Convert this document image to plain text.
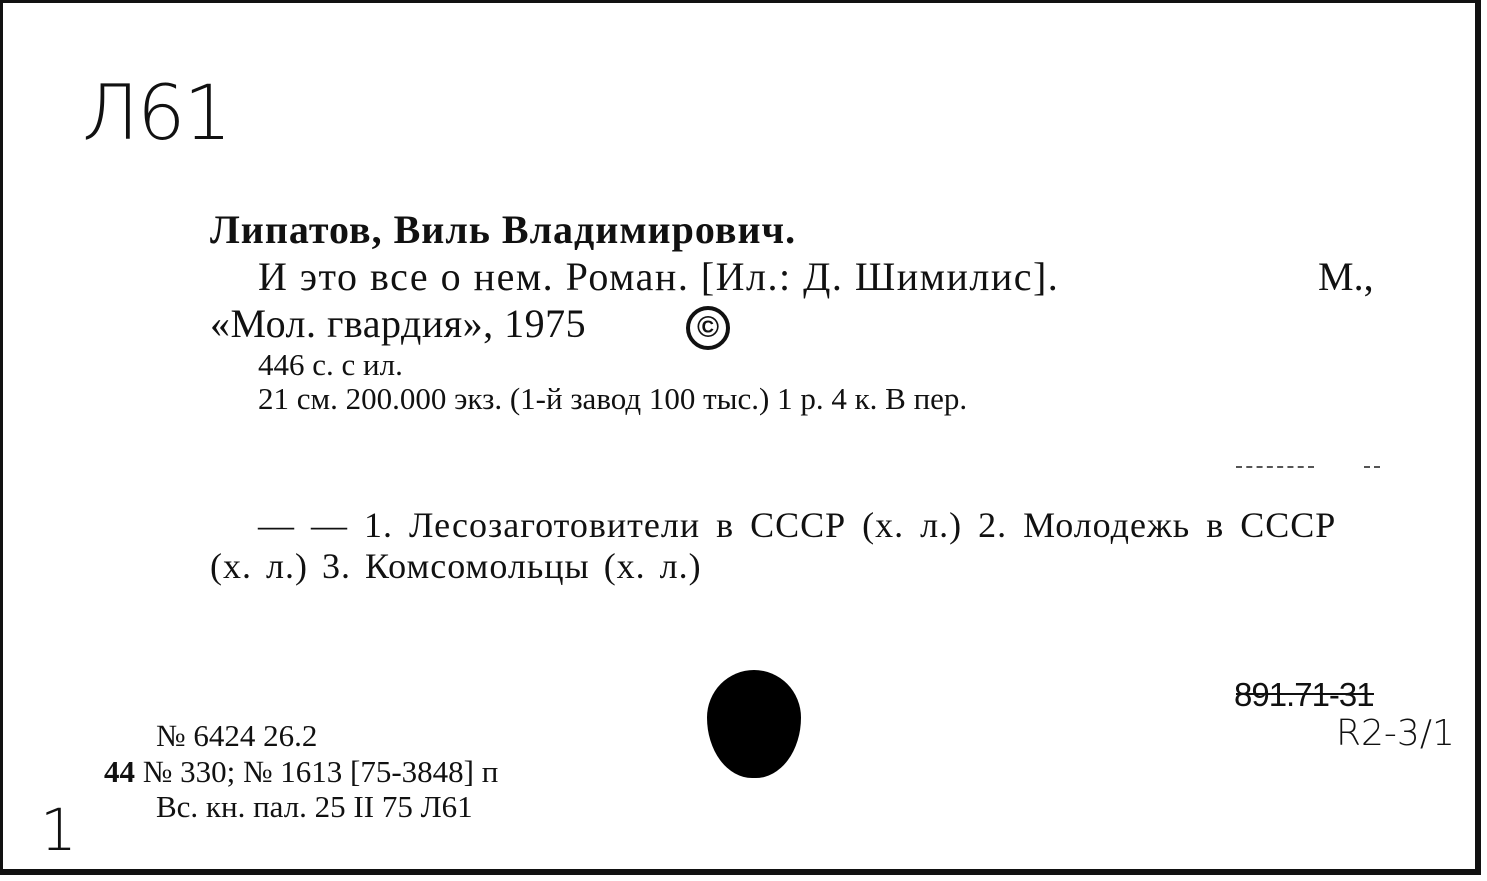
Л61
Липатов, Виль Владимирович.
И это все о нем. Роман. [Ил.: Д. Шимилис].	М.,
«Мол. гвардия», 1975	©
446 с. с ил.
21 см. 200.000 экз. (1-й завод 100 тыс.) 1 р. 4 к. В пер.
— — 1. Лесозаготовители в СССР (х. л.) 2. Молодежь в СССР
(х. л.) 3. Комсомольцы (х. л.)
891.71-31
R2-3/1
№ 6424 26.2
44 № 330; № 1613 [75-3848] п
Вс. кн. пал. 25 II 75 Л61
1
